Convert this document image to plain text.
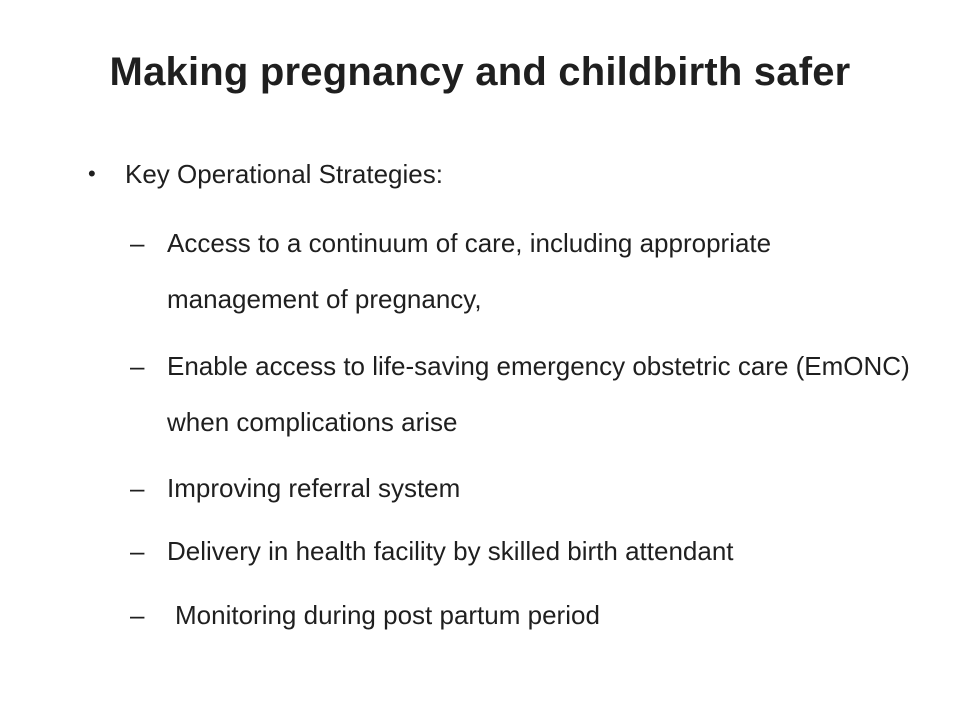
Making pregnancy and childbirth safer
• Key Operational Strategies:
– Access to a continuum of care, including appropriate management of pregnancy,
– Enable access to life-saving emergency obstetric care (EmONC) when complications arise
– Improving referral system
– Delivery in health facility by skilled birth attendant
–	Monitoring during post partum period
